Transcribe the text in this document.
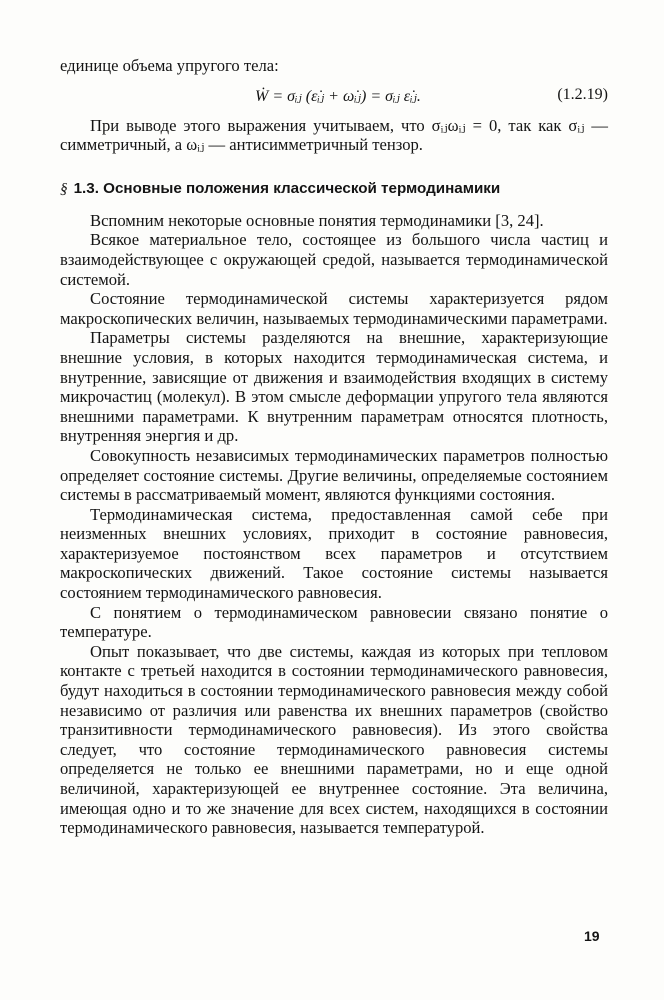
единице объема упругого тела:

Ẇ = σᵢⱼ (ε̇ᵢⱼ + ω̇ᵢⱼ) = σᵢⱼ ε̇ᵢⱼ.	(1.2.19)

При выводе этого выражения учитываем, что σᵢⱼωᵢⱼ = 0, так как σᵢⱼ — симметричный, а ωᵢⱼ — антисимметричный тензор.

§ 1.3. Основные положения классической термодинамики

Вспомним некоторые основные понятия термодинамики [3, 24].

Всякое материальное тело, состоящее из большого числа частиц и взаимодействующее с окружающей средой, называется термодинамической системой.

Состояние термодинамической системы характеризуется рядом макроскопических величин, называемых термодинамическими параметрами.

Параметры системы разделяются на внешние, характеризующие внешние условия, в которых находится термодинамическая система, и внутренние, зависящие от движения и взаимодействия входящих в систему микрочастиц (молекул). В этом смысле деформации упругого тела являются внешними параметрами. К внутренним параметрам относятся плотность, внутренняя энергия и др.

Совокупность независимых термодинамических параметров полностью определяет состояние системы. Другие величины, определяемые состоянием системы в рассматриваемый момент, являются функциями состояния.

Термодинамическая система, предоставленная самой себе при неизменных внешних условиях, приходит в состояние равновесия, характеризуемое постоянством всех параметров и отсутствием макроскопических движений. Такое состояние системы называется состоянием термодинамического равновесия.

С понятием о термодинамическом равновесии связано понятие о температуре.

Опыт показывает, что две системы, каждая из которых при тепловом контакте с третьей находится в состоянии термодинамического равновесия, будут находиться в состоянии термодинамического равновесия между собой независимо от различия или равенства их внешних параметров (свойство транзитивности термодинамического равновесия). Из этого свойства следует, что состояние термодинамического равновесия системы определяется не только ее внешними параметрами, но и еще одной величиной, характеризующей ее внутреннее состояние. Эта величина, имеющая одно и то же значение для всех систем, находящихся в состоянии термодинамического равновесия, называется температурой.

19
